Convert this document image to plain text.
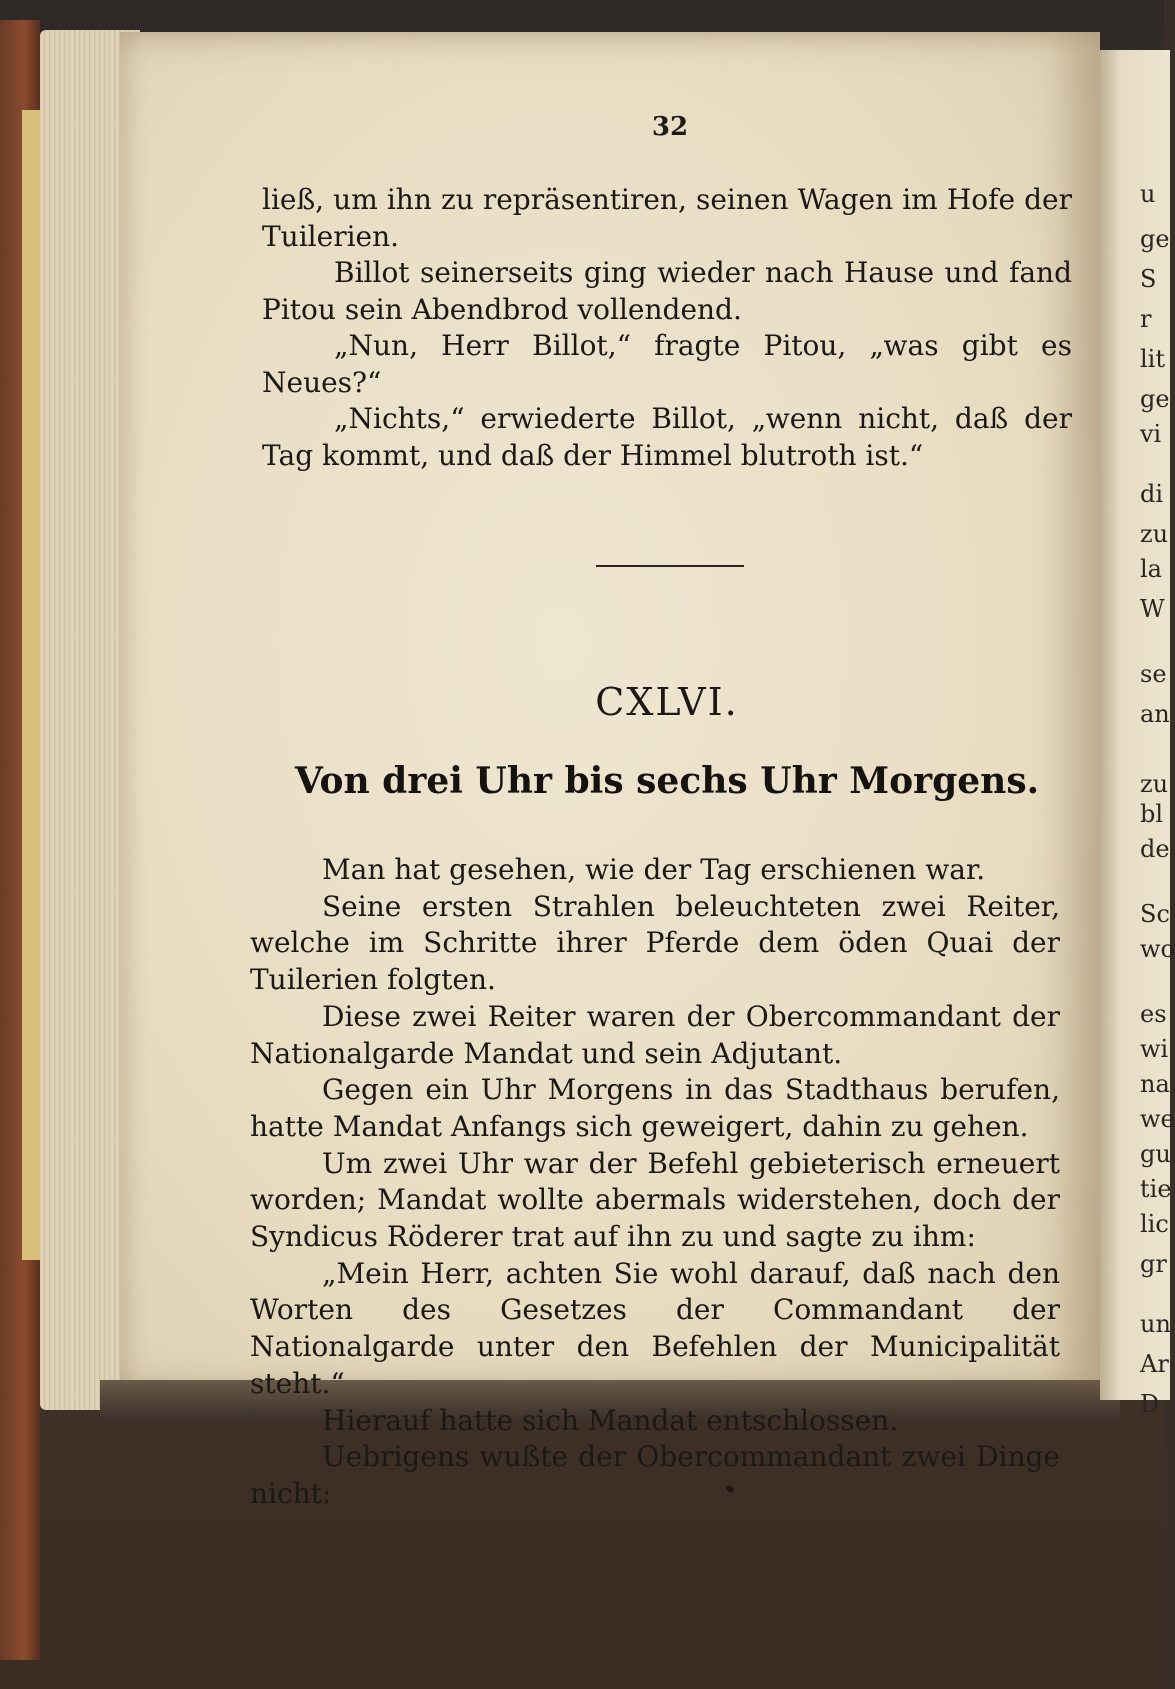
u
ge
S
r
lit
ge
vi
di
zu
la
W
se
an
zu
bl
de
Sc
wo
es
wi
na
we
gu
tie
lic
gr
un
Ar
D
32

ließ, um ihn zu repräsentiren, seinen Wagen im Hofe der Tuilerien.

Billot seinerseits ging wieder nach Hause und fand Pitou sein Abendbrod vollendend.

„Nun, Herr Billot,“ fragte Pitou, „was gibt es Neues?“

„Nichts,“ erwiederte Billot, „wenn nicht, daß der Tag kommt, und daß der Himmel blutroth ist.“

CXLVI.
Von drei Uhr bis sechs Uhr Morgens.

Man hat gesehen, wie der Tag erschienen war.

Seine ersten Strahlen beleuchteten zwei Reiter, welche im Schritte ihrer Pferde dem öden Quai der Tuilerien folgten.

Diese zwei Reiter waren der Obercommandant der Nationalgarde Mandat und sein Adjutant.

Gegen ein Uhr Morgens in das Stadthaus berufen, hatte Mandat Anfangs sich geweigert, dahin zu gehen.

Um zwei Uhr war der Befehl gebieterisch erneuert worden; Mandat wollte abermals widerstehen, doch der Syndicus Röderer trat auf ihn zu und sagte zu ihm:

„Mein Herr, achten Sie wohl darauf, daß nach den Worten des Gesetzes der Commandant der Nationalgarde unter den Befehlen der Municipalität steht.“

Hierauf hatte sich Mandat entschlossen.

Uebrigens wußte der Obercommandant zwei Dinge nicht:
